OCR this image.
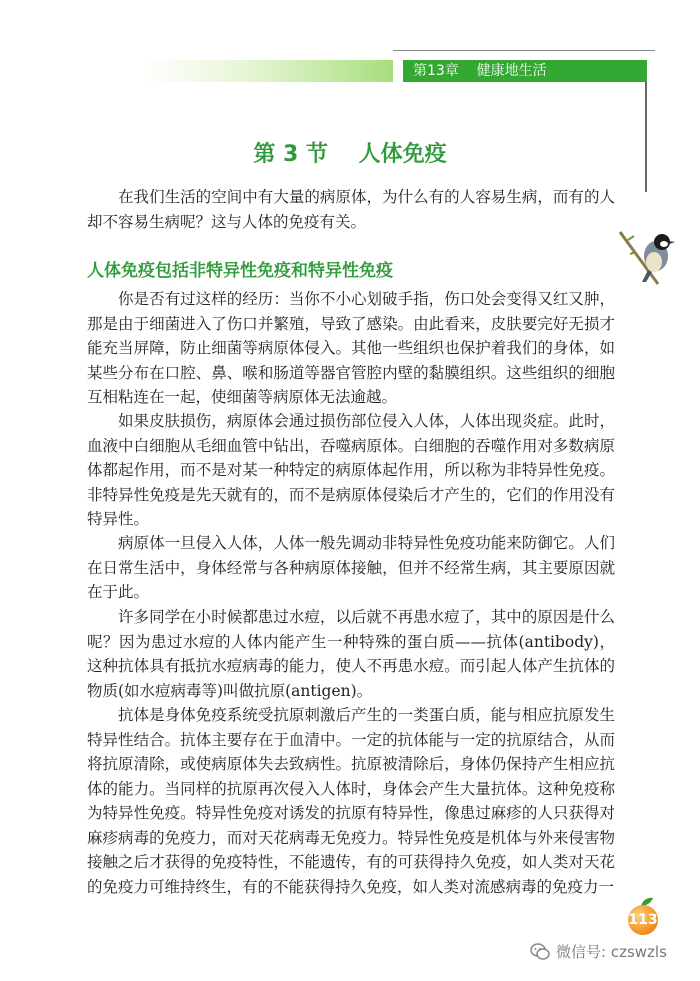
第13章    健康地生活
第 3 节    人体免疫

在我们生活的空间中有大量的病原体，为什么有的人容易生病，而有的人却不容易生病呢？这与人体的免疫有关。

人体免疫包括非特异性免疫和特异性免疫

你是否有过这样的经历：当你不小心划破手指，伤口处会变得又红又肿，那是由于细菌进入了伤口并繁殖，导致了感染。由此看来，皮肤要完好无损才能充当屏障，防止细菌等病原体侵入。其他一些组织也保护着我们的身体，如某些分布在口腔、鼻、喉和肠道等器官管腔内壁的黏膜组织。这些组织的细胞互相粘连在一起，使细菌等病原体无法逾越。

如果皮肤损伤，病原体会通过损伤部位侵入人体，人体出现炎症。此时，血液中白细胞从毛细血管中钻出，吞噬病原体。白细胞的吞噬作用对多数病原体都起作用，而不是对某一种特定的病原体起作用，所以称为非特异性免疫。非特异性免疫是先天就有的，而不是病原体侵染后才产生的，它们的作用没有特异性。

病原体一旦侵入人体，人体一般先调动非特异性免疫功能来防御它。人们在日常生活中，身体经常与各种病原体接触，但并不经常生病，其主要原因就在于此。

许多同学在小时候都患过水痘，以后就不再患水痘了，其中的原因是什么呢？因为患过水痘的人体内能产生一种特殊的蛋白质——抗体(antibody)，这种抗体具有抵抗水痘病毒的能力，使人不再患水痘。而引起人体产生抗体的物质(如水痘病毒等)叫做抗原(antigen)。

抗体是身体免疫系统受抗原刺激后产生的一类蛋白质，能与相应抗原发生特异性结合。抗体主要存在于血清中。一定的抗体能与一定的抗原结合，从而将抗原清除，或使病原体失去致病性。抗原被清除后，身体仍保持产生相应抗体的能力。当同样的抗原再次侵入人体时，身体会产生大量抗体。这种免疫称为特异性免疫。特异性免疫对诱发的抗原有特异性，像患过麻疹的人只获得对麻疹病毒的免疫力，而对天花病毒无免疫力。特异性免疫是机体与外来侵害物接触之后才获得的免疫特性，不能遗传，有的可获得持久免疫，如人类对天花的免疫力可维持终生，有的不能获得持久免疫，如人类对流感病毒的免疫力一

113
微信号: czswzls
